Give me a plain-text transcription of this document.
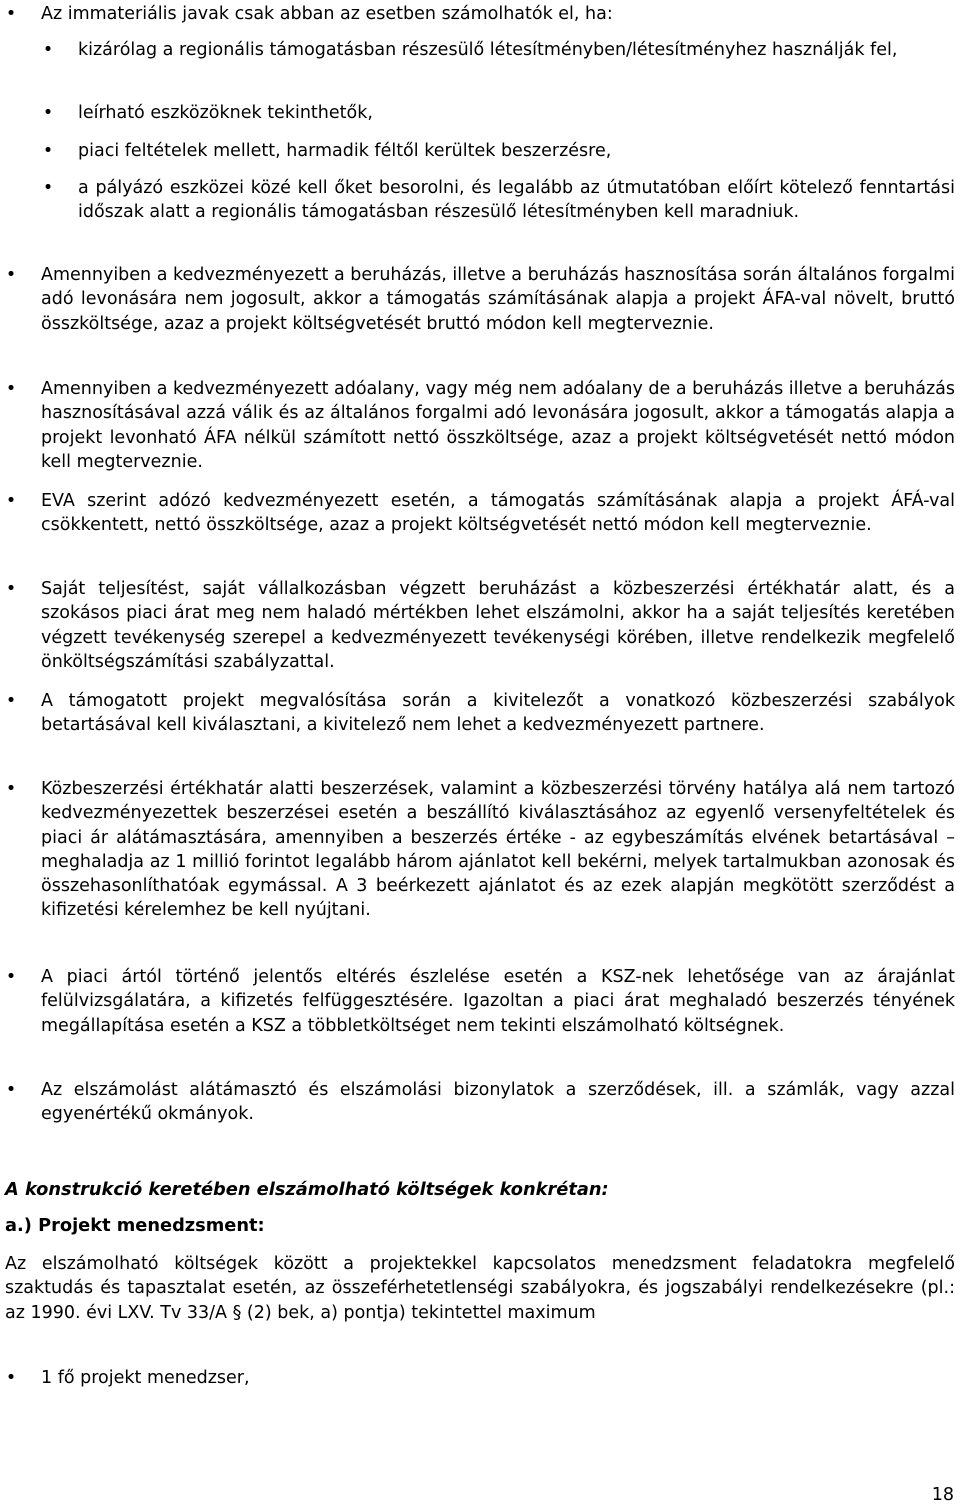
• Az immateriális javak csak abban az esetben számolhatók el, ha:

• kizárólag a regionális támogatásban részesülő létesítményben/létesítményhez használják fel,

• leírható eszközöknek tekinthetők,

• piaci feltételek mellett, harmadik féltől kerültek beszerzésre,

• a pályázó eszközei közé kell őket besorolni, és legalább az útmutatóban előírt kötelező fenntartási időszak alatt a regionális támogatásban részesülő létesítményben kell maradniuk.

• Amennyiben a kedvezményezett a beruházás, illetve a beruházás hasznosítása során általános forgalmi adó levonására nem jogosult, akkor a támogatás számításának alapja a projekt ÁFA-val növelt, bruttó összköltsége, azaz a projekt költségvetését bruttó módon kell megterveznie.

• Amennyiben a kedvezményezett adóalany, vagy még nem adóalany de a beruházás illetve a beruházás hasznosításával azzá válik és az általános forgalmi adó levonására jogosult, akkor a támogatás alapja a projekt levonható ÁFA nélkül számított nettó összköltsége, azaz a projekt költségvetését nettó módon kell megterveznie.

• EVA szerint adózó kedvezményezett esetén, a támogatás számításának alapja a projekt ÁFÁ-val csökkentett, nettó összköltsége, azaz a projekt költségvetését nettó módon kell megterveznie.

• Saját teljesítést, saját vállalkozásban végzett beruházást a közbeszerzési értékhatár alatt, és a szokásos piaci árat meg nem haladó mértékben lehet elszámolni, akkor ha a saját teljesítés keretében végzett tevékenység szerepel a kedvezményezett tevékenységi körében, illetve rendelkezik megfelelő önköltségszámítási szabályzattal.

• A támogatott projekt megvalósítása során a kivitelezőt a vonatkozó közbeszerzési szabályok betartásával kell kiválasztani, a kivitelező nem lehet a kedvezményezett partnere.

• Közbeszerzési értékhatár alatti beszerzések, valamint a közbeszerzési törvény hatálya alá nem tartozó kedvezményezettek beszerzései esetén a beszállító kiválasztásához az egyenlő versenyfeltételek és piaci ár alátámasztására, amennyiben a beszerzés értéke - az egybeszámítás elvének betartásával – meghaladja az 1 millió forintot legalább három ajánlatot kell bekérni, melyek tartalmukban azonosak és összehasonlíthatóak egymással. A 3 beérkezett ajánlatot és az ezek alapján megkötött szerződést a kifizetési kérelemhez be kell nyújtani.

• A piaci ártól történő jelentős eltérés észlelése esetén a KSZ-nek lehetősége van az árajánlat felülvizsgálatára, a kifizetés felfüggesztésére. Igazoltan a piaci árat meghaladó beszerzés tényének megállapítása esetén a KSZ a többletköltséget nem tekinti elszámolható költségnek.

• Az elszámolást alátámasztó és elszámolási bizonylatok a szerződések, ill. a számlák, vagy azzal egyenértékű okmányok.

A konstrukció keretében elszámolható költségek konkrétan:

a.) Projekt menedzsment:

Az elszámolható költségek között a projektekkel kapcsolatos menedzsment feladatokra megfelelő szaktudás és tapasztalat esetén, az összeférhetetlenségi szabályokra, és jogszabályi rendelkezésekre (pl.: az 1990. évi LXV. Tv 33/A § (2) bek, a) pontja) tekintettel maximum

• 1 fő projekt menedzser,

18
